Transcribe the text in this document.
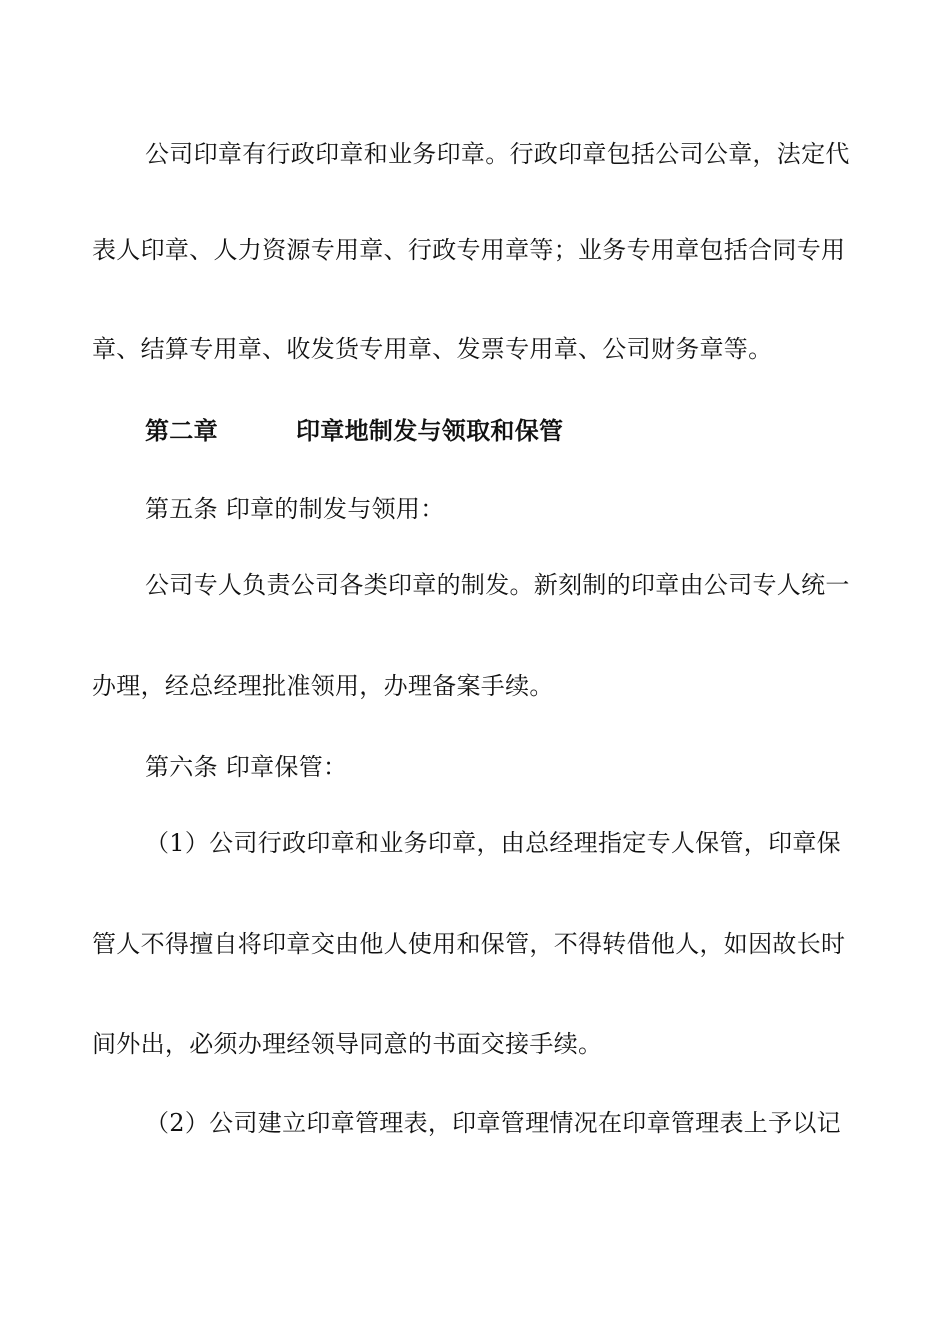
公司印章有行政印章和业务印章。行政印章包括公司公章，法定代
表人印章、人力资源专用章、行政专用章等；业务专用章包括合同专用
章、结算专用章、收发货专用章、发票专用章、公司财务章等。
第二章	印章地制发与领取和保管
第五条 印章的制发与领用：
公司专人负责公司各类印章的制发。新刻制的印章由公司专人统一
办理，经总经理批准领用，办理备案手续。
第六条 印章保管：
（1）公司行政印章和业务印章，由总经理指定专人保管，印章保
管人不得擅自将印章交由他人使用和保管，不得转借他人，如因故长时
间外出，必须办理经领导同意的书面交接手续。
（2）公司建立印章管理表，印章管理情况在印章管理表上予以记
